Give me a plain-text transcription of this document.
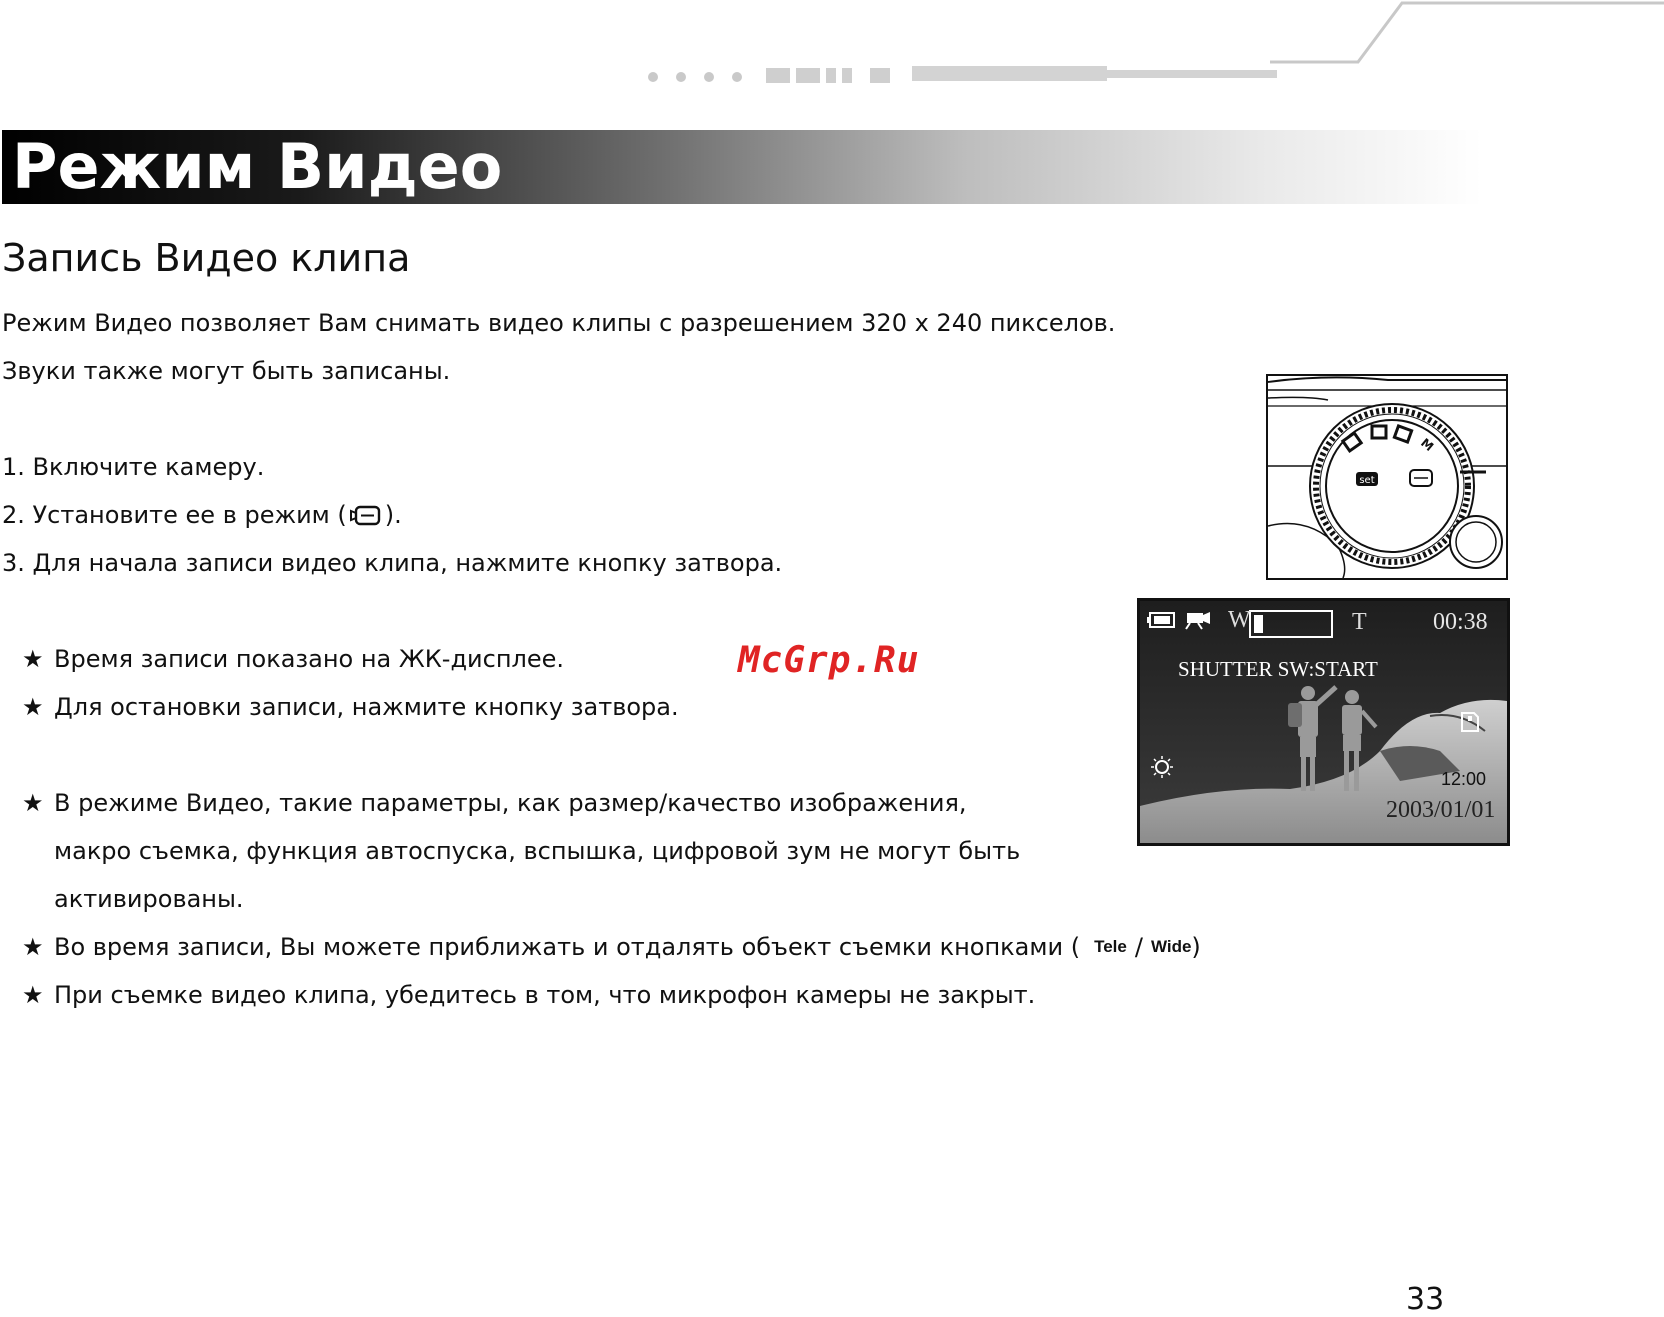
Режим Видео
Запись Видео клипа
Режим Видео позволяет Вам снимать видео клипы с разрешением 320 х 240 пикселов.
Звуки также могут быть записаны.
1. Включите камеру.
2. Установите ее в режим ( ).
3. Для начала записи видео клипа, нажмите кнопку затвора.
★ Время записи показано на ЖК-дисплее.
★ Для остановки записи, нажмите кнопку затвора.
★ В режиме Видео, такие параметры, как размер/качество изображения,
макро съемка, функция автоспуска, вспышка, цифровой зум не могут быть
активированы.
★ Во время записи, Вы можете приближать и отдалять объект съемки кнопками ( Tele / Wide )
★ При съемке видео клипа, убедитесь в том, что микрофон камеры не закрыт.
McGrp.Ru
set
M
W	T	00:38
SHUTTER SW:START
12:00
2003/01/01
33
